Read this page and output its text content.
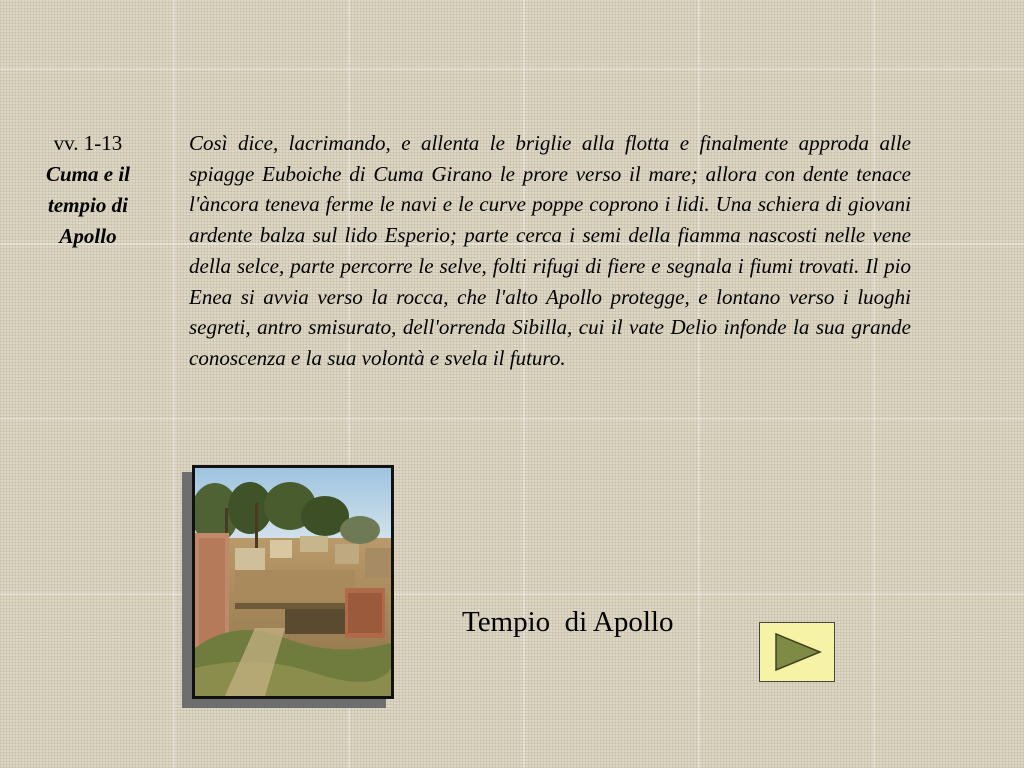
vv. 1-13
Cuma e il tempio di Apollo

Così dice, lacrimando, e allenta le briglie alla flotta e finalmente approda alle spiagge Euboiche di Cuma Girano le prore verso il mare; allora con dente tenace l'àncora teneva ferme le navi e le curve poppe coprono i lidi. Una schiera di giovani ardente balza sul lido Esperio; parte cerca i semi della fiamma nascosti nelle vene della selce, parte percorre le selve, folti rifugi di fiere e segnala i fiumi trovati. Il pio Enea si avvia verso la rocca, che l'alto Apollo protegge, e lontano verso i luoghi segreti, antro smisurato, dell'orrenda Sibilla, cui il vate Delio infonde la sua grande conoscenza e la sua volontà e svela il futuro.

Tempio  di Apollo
